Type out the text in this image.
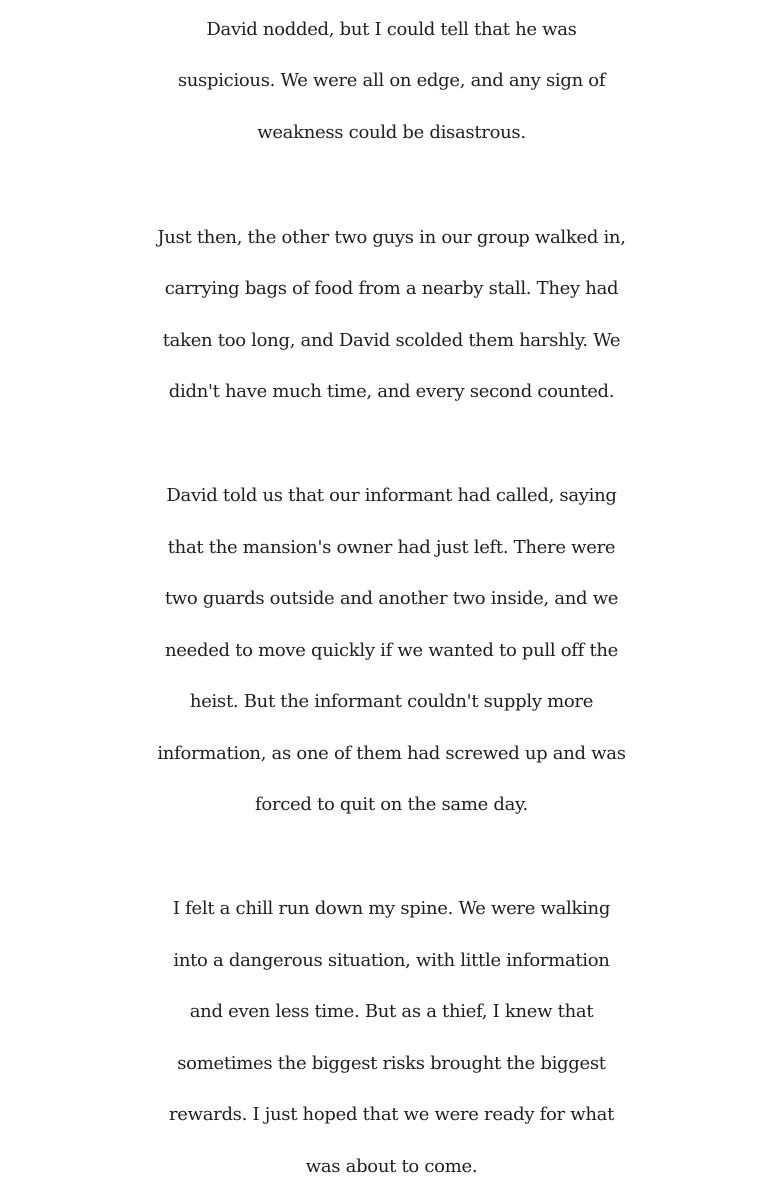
David nodded, but I could tell that he was
suspicious. We were all on edge, and any sign of
weakness could be disastrous.
Just then, the other two guys in our group walked in,
carrying bags of food from a nearby stall. They had
taken too long, and David scolded them harshly. We
didn't have much time, and every second counted.
David told us that our informant had called, saying
that the mansion's owner had just left. There were
two guards outside and another two inside, and we
needed to move quickly if we wanted to pull off the
heist. But the informant couldn't supply more
information, as one of them had screwed up and was
forced to quit on the same day.
I felt a chill run down my spine. We were walking
into a dangerous situation, with little information
and even less time. But as a thief, I knew that
sometimes the biggest risks brought the biggest
rewards. I just hoped that we were ready for what
was about to come.
